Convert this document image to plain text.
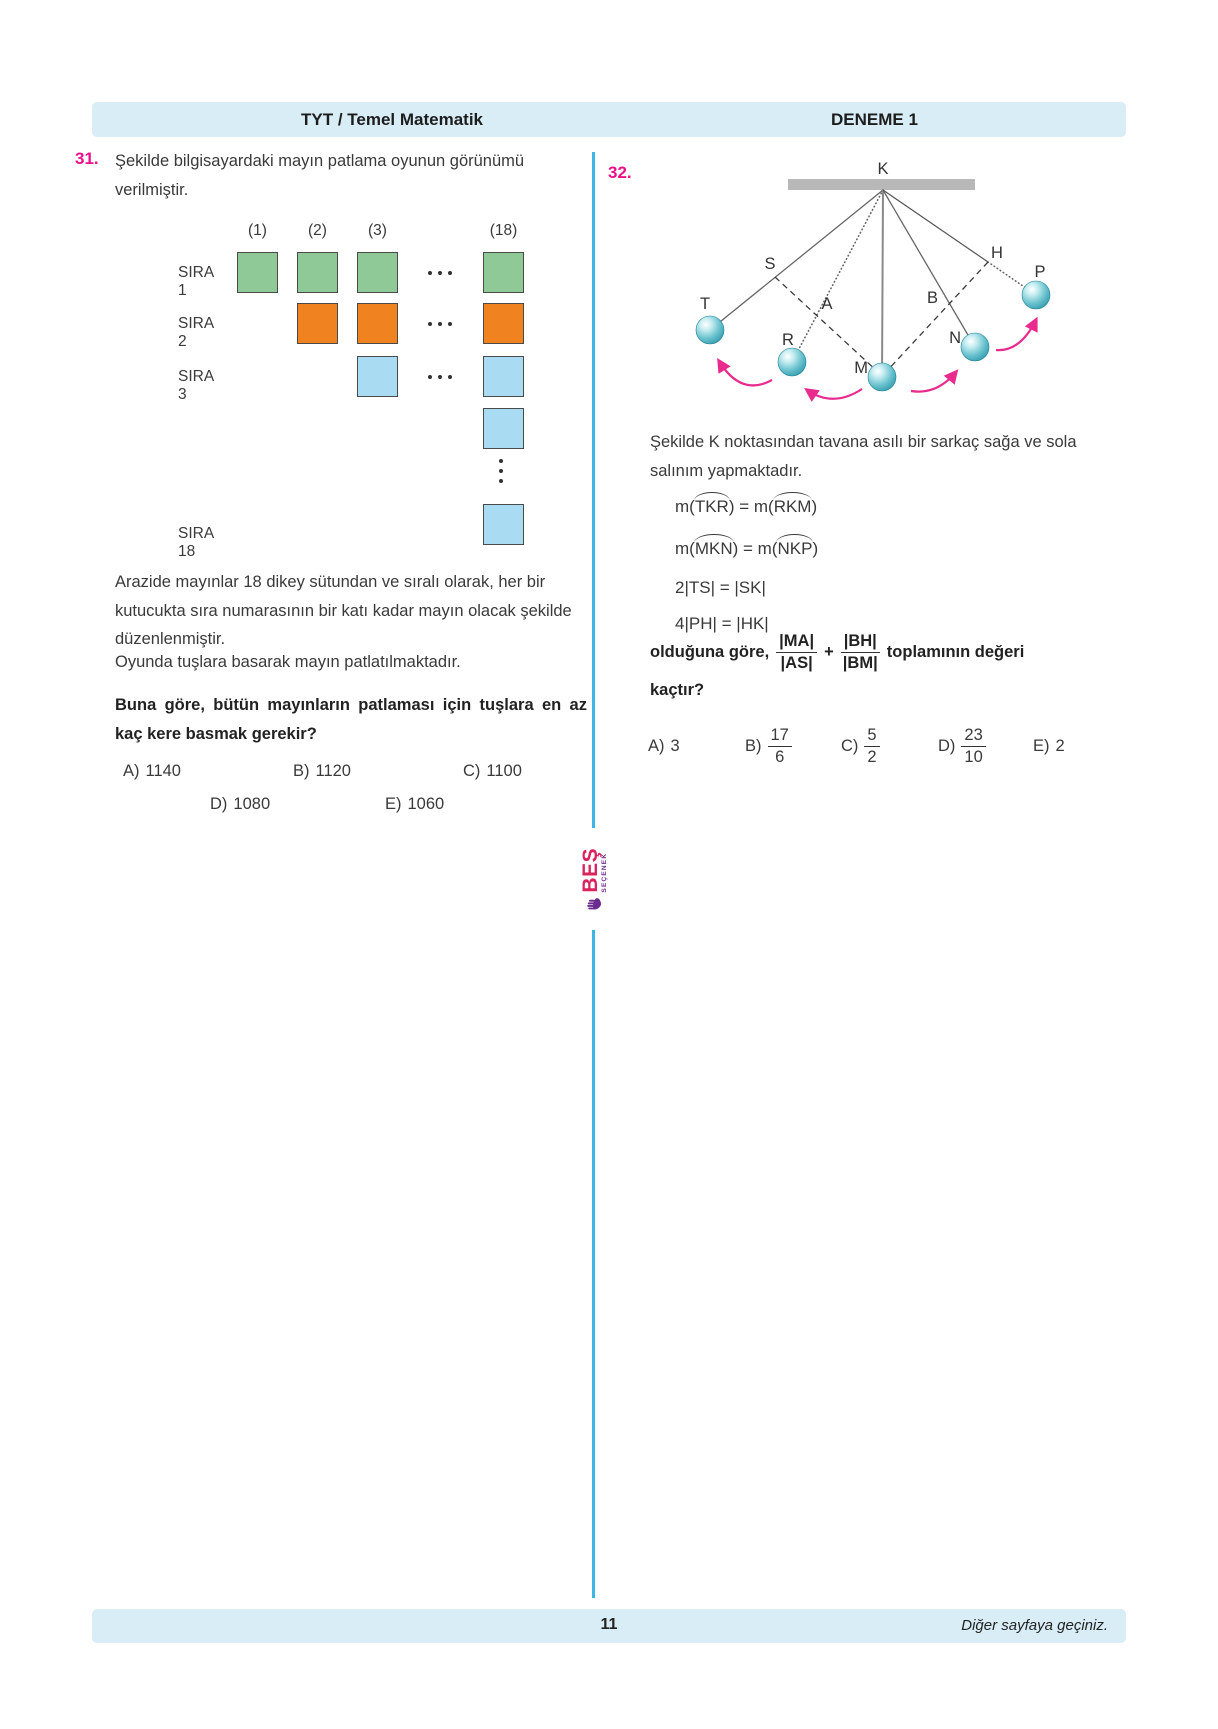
TYT / Temel Matematik	DENEME 1
31. Şekilde bilgisayardaki mayın patlama oyunun görünümü verilmiştir.
(1)	(2)	(3)	(18)
SIRA 1
SIRA 2
SIRA 3
SIRA 18
Arazide mayınlar 18 dikey sütundan ve sıralı olarak, her bir kutucukta sıra numarasının bir katı kadar mayın olacak şekilde düzenlenmiştir.
Oyunda tuşlara basarak mayın patlatılmaktadır.
Buna göre, bütün mayınların patlaması için tuşlara en az kaç kere basmak gerekir?
A) 1140	B) 1120	C) 1100
D) 1080	E) 1060
32.	K
S
T	A
R
M
B
N
H
P
Şekilde K noktasından tavana asılı bir sarkaç sağa ve sola salınım yapmaktadır.
m(TKR) = m(RKM)
m(MKN) = m(NKP)
2|TS| = |SK|
4|PH| = |HK|
olduğuna göre, $\frac{|MA|}{|AS|} + \frac{|BH|}{|BM|}$ toplamının değeri
kaçtır?
A) 3	$B) \frac{17}{6}$	$C) \frac{5}{2}$	$D) \frac{23}{10}$	E) 2
BEŞ SEÇENEK
11	Diğer sayfaya geçiniz.
